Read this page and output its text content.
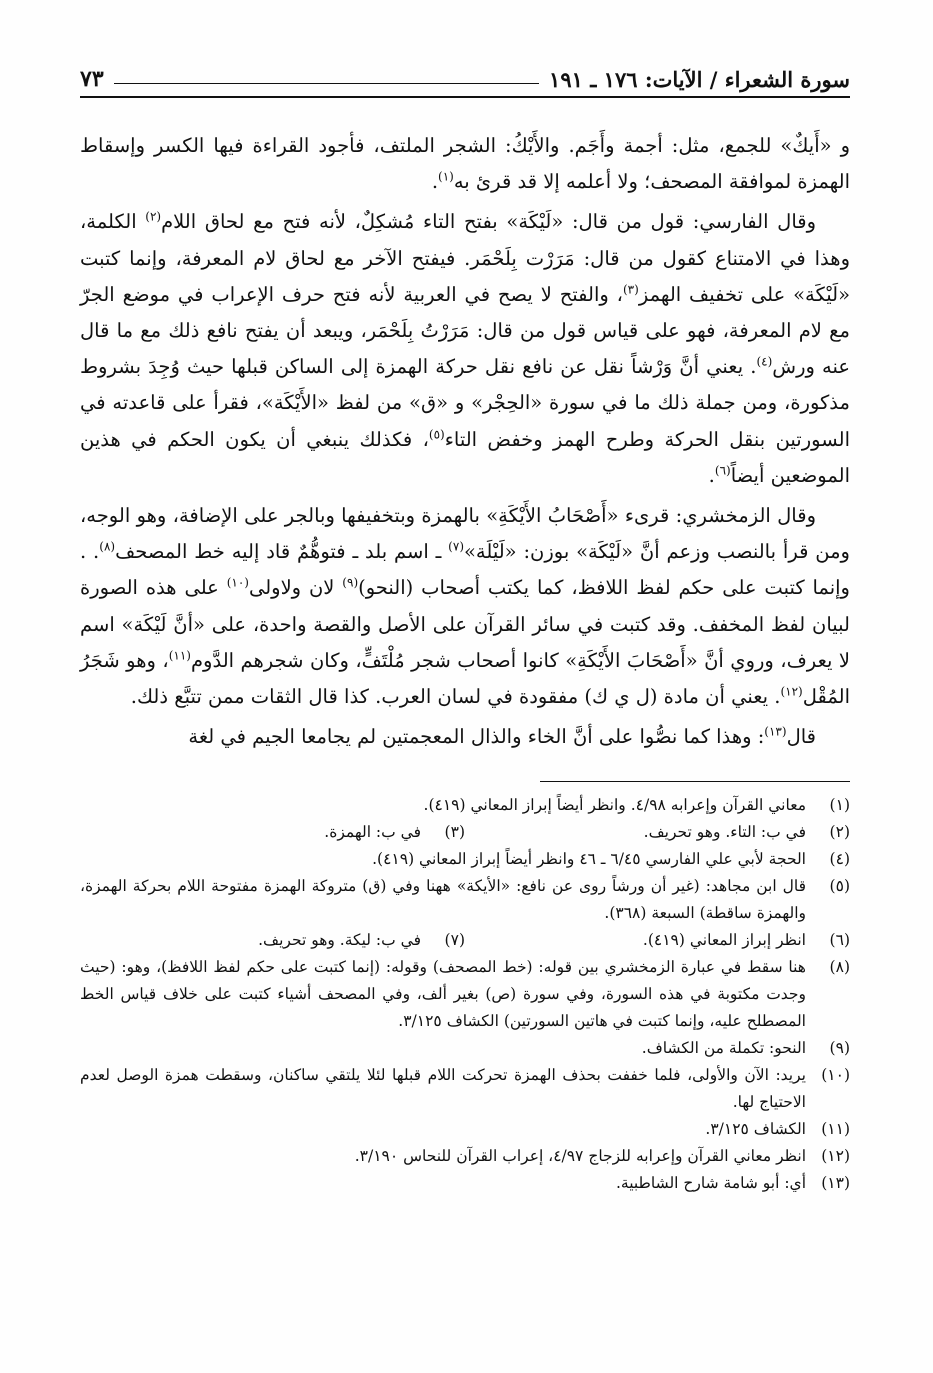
سورة الشعراء / الآيات: ١٧٦ ـ ١٩١
٧٣

و «أَيكٌ» للجمع، مثل: أجمة وأَجَم. والأَيْكُ: الشجر الملتف، فأجود القراءة فيها الكسر وإسقاط الهمزة لموافقة المصحف؛ ولا أعلمه إلا قد قرئ به$^{(١)}$.

وقال الفارسي: قول من قال: «لَيْكَة» بفتح التاء مُشكِلٌ، لأنه فتح مع لحاق اللام$^{(٢)}$ الكلمة، وهذا في الامتناع كقول من قال: مَرَرْت بِلَحْمَر. فيفتح الآخر مع لحاق لام المعرفة، وإنما كتبت «لَيْكَة» على تخفيف الهمز$^{(٣)}$، والفتح لا يصح في العربية لأنه فتح حرف الإعراب في موضع الجرّ مع لام المعرفة، فهو على قياس قول من قال: مَرَرْتُ بِلَحْمَر، ويبعد أن يفتح نافع ذلك مع ما قال عنه ورش$^{(٤)}$. يعني أنَّ وَرْشاً نقل عن نافع نقل حركة الهمزة إلى الساكن قبلها حيث وُجِدَ بشروط مذكورة، ومن جملة ذلك ما في سورة «الحِجْر» و «ق» من لفظ «الأَيْكَة»، فقرأ على قاعدته في السورتين بنقل الحركة وطرح الهمز وخفض التاء$^{(٥)}$، فكذلك ينبغي أن يكون الحكم في هذين الموضعين أيضاً$^{(٦)}$.

وقال الزمخشري: قرىء «أَصْحَابُ الأَيْكَةِ» بالهمزة وبتخفيفها وبالجر على الإضافة، وهو الوجه، ومن قرأ بالنصب وزعم أنَّ «لَيْكَة» بوزن: «لَيْلَة»$^{(٧)}$ ـ اسم بلد ـ فتوهُّمٌ قاد إليه خط المصحف$^{(٨)}$. . وإنما كتبت على حكم لفظ اللافظ، كما يكتب أصحاب (النحو)$^{(٩)}$ لان ولاولى$^{(١٠)}$ على هذه الصورة لبيان لفظ المخفف. وقد كتبت في سائر القرآن على الأصل والقصة واحدة، على «أنَّ لَيْكَة» اسم لا يعرف، وروي أنَّ «أَصْحَابَ الأَيْكَةِ» كانوا أصحاب شجر مُلْتَفٍّ، وكان شجرهم الدَّوم$^{(١١)}$، وهو شَجَرُ المُقْل$^{(١٢)}$. يعني أن مادة (ل ي ك) مفقودة في لسان العرب. كذا قال الثقات ممن تتبَّع ذلك.

قال$^{(١٣)}$: وهذا كما نصُّوا على أنَّ الخاء والذال المعجمتين لم يجامعا الجيم في لغة

(١)
معاني القرآن وإعرابه ٤/٩٨. وانظر أيضاً إبراز المعاني (٤١٩).
(٢)
في ب: التاء. وهو تحريف.
(٣)
في ب: الهمزة.
(٤)
الحجة لأبي علي الفارسي ٦/٤٥ ـ ٤٦ وانظر أيضاً إبراز المعاني (٤١٩).
(٥)
قال ابن مجاهد: (غير أن ورشاً روى عن نافع: «الأيكة» ههنا وفي (ق) متروكة الهمزة مفتوحة اللام بحركة الهمزة، والهمزة ساقطة) السبعة (٣٦٨).
(٦)
انظر إبراز المعاني (٤١٩).
(٧)
في ب: ليكة. وهو تحريف.
(٨)
هنا سقط في عبارة الزمخشري بين قوله: (خط المصحف) وقوله: (إنما كتبت على حكم لفظ اللافظ)، وهو: (حيث وجدت مكتوبة في هذه السورة، وفي سورة (ص) بغير ألف، وفي المصحف أشياء كتبت على خلاف قياس الخط المصطلح عليه، وإنما كتبت في هاتين السورتين) الكشاف ٣/١٢٥.
(٩)
النحو: تكملة من الكشاف.
(١٠)
يريد: الآن والأولى، فلما خففت بحذف الهمزة تحركت اللام قبلها لئلا يلتقي ساكنان، وسقطت همزة الوصل لعدم الاحتياج لها.
(١١)
الكشاف ٣/١٢٥.
(١٢)
انظر معاني القرآن وإعرابه للزجاج ٤/٩٧، إعراب القرآن للنحاس ٣/١٩٠.
(١٣)
أي: أبو شامة شارح الشاطبية.
